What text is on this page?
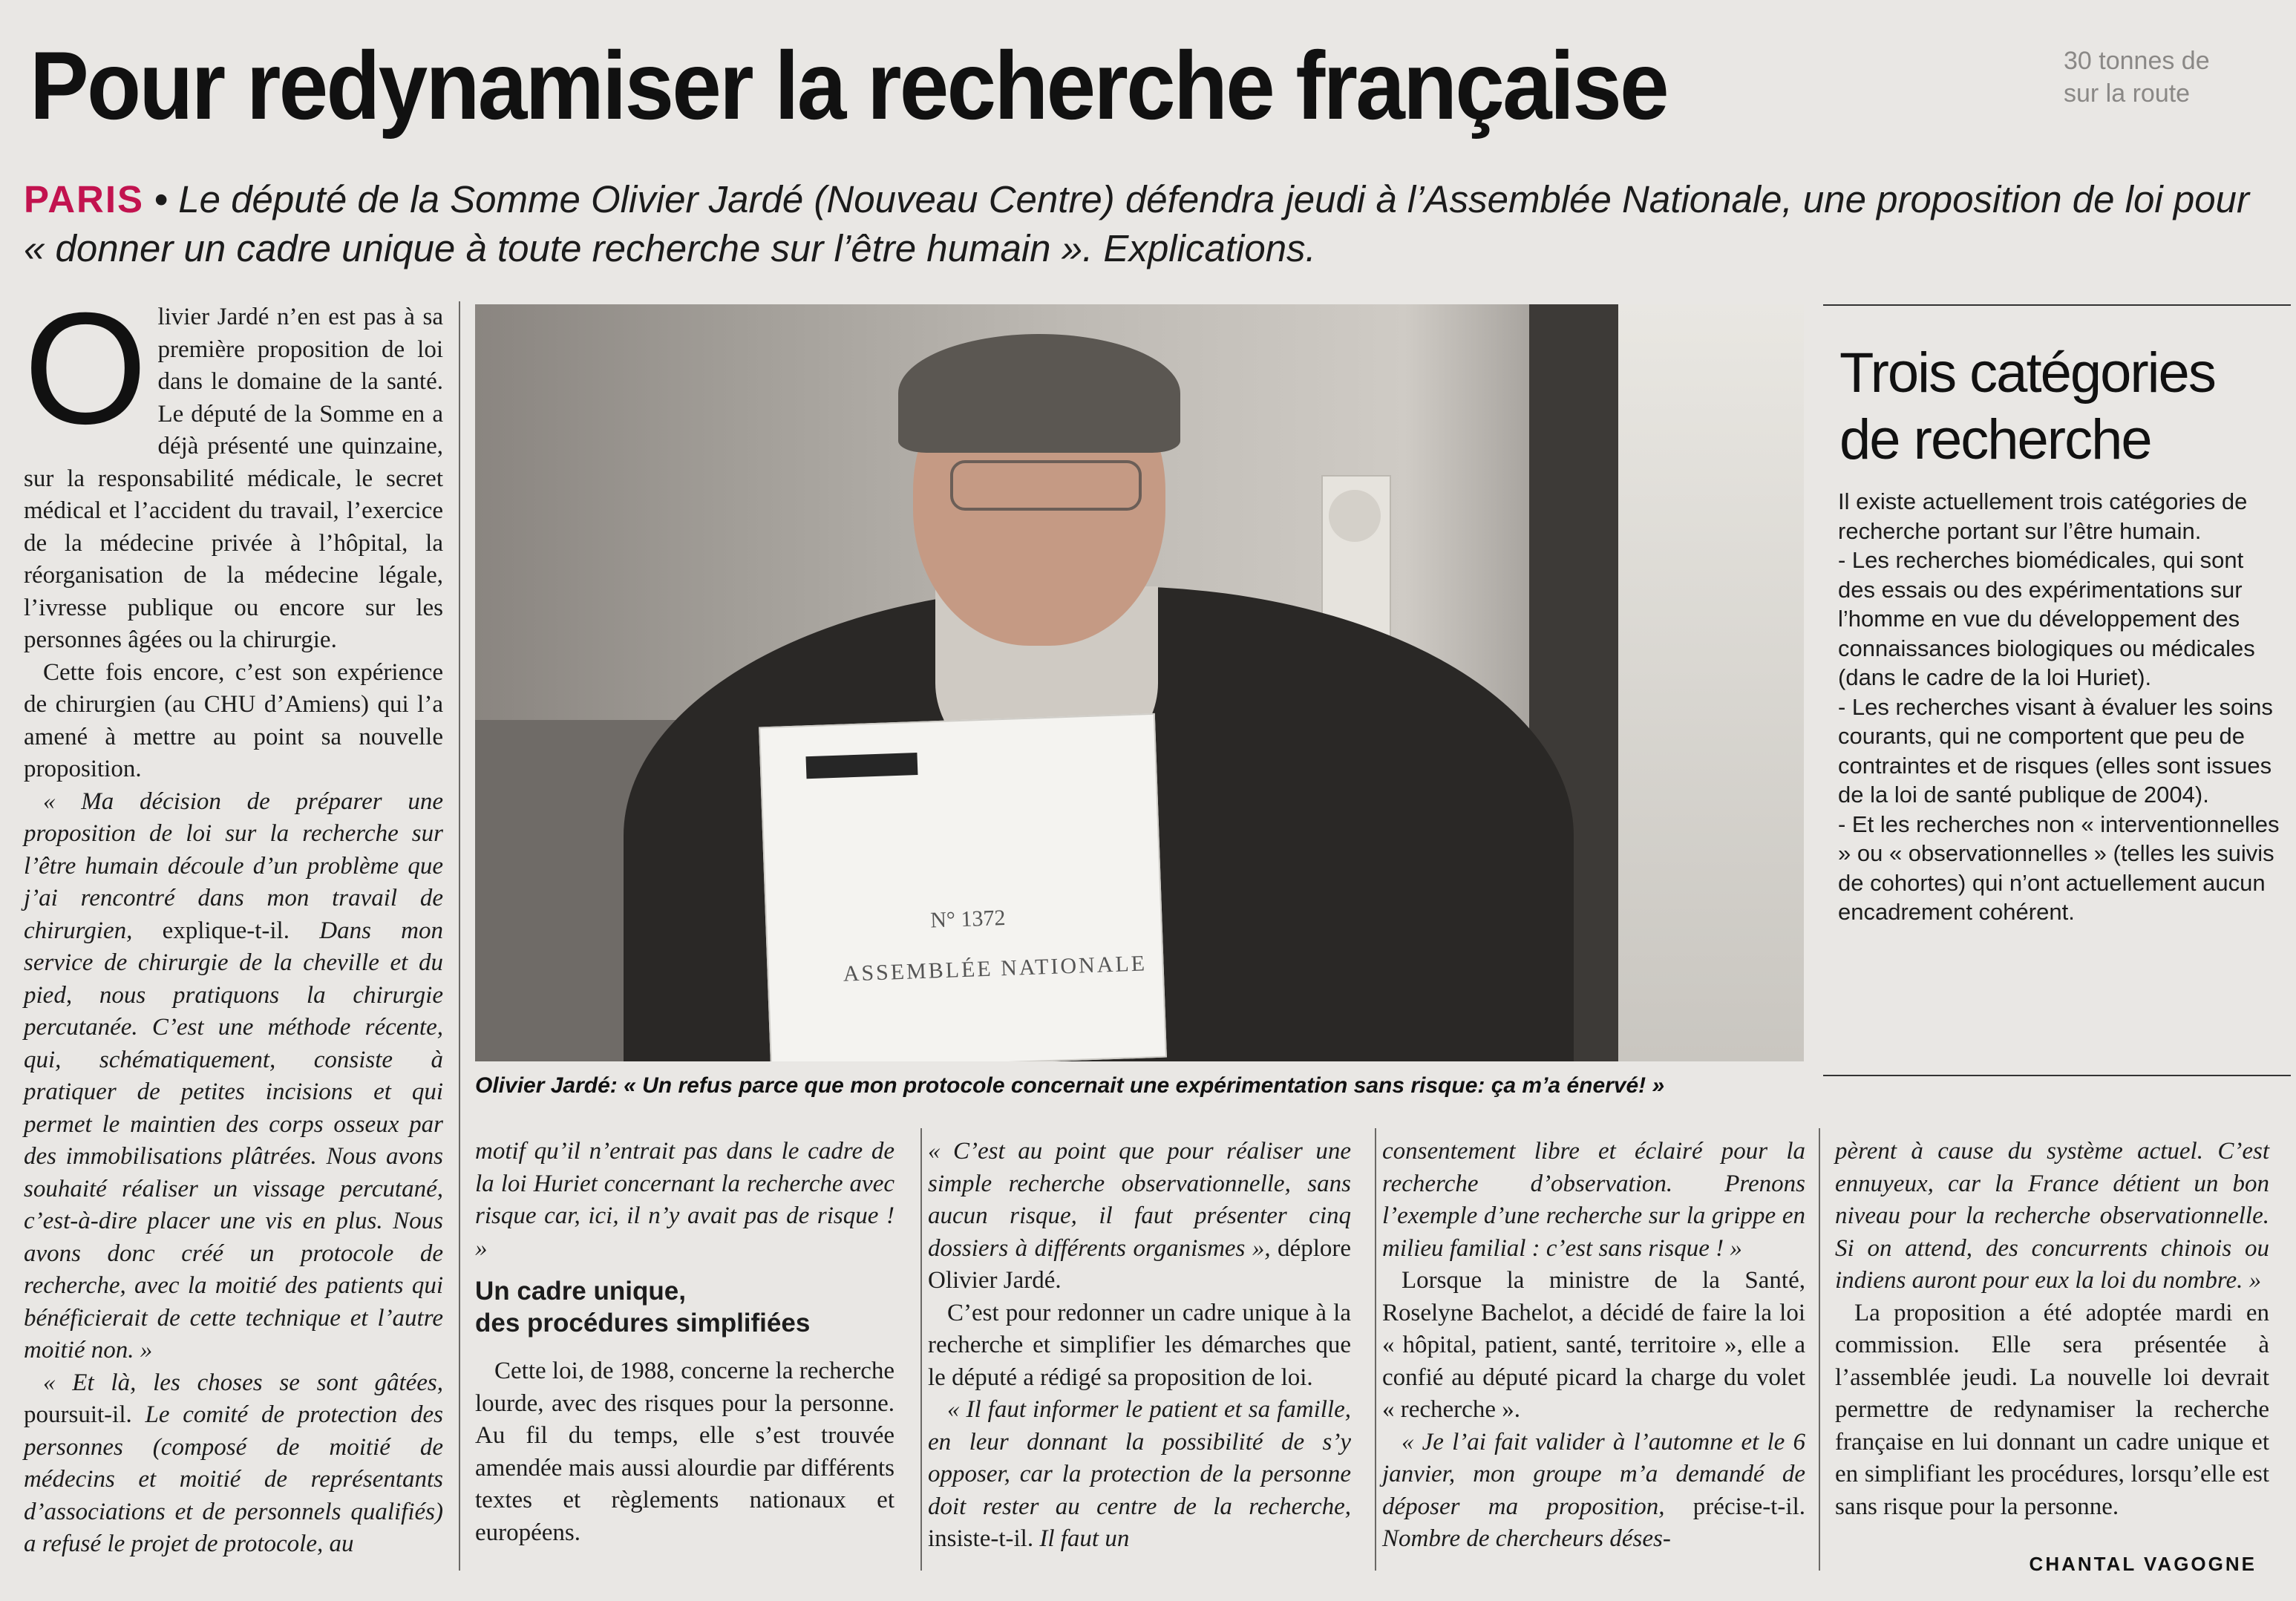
Pour redynamiser la recherche française	30 tonnes de
sur la route

PARIS • Le député de la Somme Olivier Jardé (Nouveau Centre) défendra jeudi à l’Assemblée Nationale, une proposition de loi pour « donner un cadre unique à toute recherche sur l’être humain ». Explications.

Olivier Jardé n’en est pas à sa première proposition de loi dans le domaine de la santé. Le député de la Somme en a déjà présenté une quinzaine, sur la responsabilité médicale, le secret médical et l’accident du travail, l’exercice de la médecine privée à l’hôpital, la réorganisation de la médecine légale, l’ivresse publique ou encore sur les personnes âgées ou la chirurgie.

Cette fois encore, c’est son expérience de chirurgien (au CHU d’Amiens) qui l’a amené à mettre au point sa nouvelle proposition.

« Ma décision de préparer une proposition de loi sur la recherche sur l’être humain découle d’un problème que j’ai rencontré dans mon travail de chirurgien, explique-t-il. Dans mon service de chirurgie de la cheville et du pied, nous pratiquons la chirurgie percutanée. C’est une méthode récente, qui, schématiquement, consiste à pratiquer de petites incisions et qui permet le maintien des corps osseux par des immobilisations plâtrées. Nous avons souhaité réaliser un vissage percutané, c’est-à-dire placer une vis en plus. Nous avons donc créé un protocole de recherche, avec la moitié des patients qui bénéficierait de cette technique et l’autre moitié non. »

« Et là, les choses se sont gâtées, poursuit-il. Le comité de protection des personnes (composé de moitié de médecins et moitié de représentants d’associations et de personnels qualifiés) a refusé le projet de protocole, au

N° 1372
ASSEMBLÉE NATIONALE

Olivier Jardé: « Un refus parce que mon protocole concernait une expérimentation sans risque: ça m’a énervé! »

motif qu’il n’entrait pas dans le cadre de la loi Huriet concernant la recherche avec risque car, ici, il n’y avait pas de risque ! »

Un cadre unique,
des procédures simplifiées

Cette loi, de 1988, concerne la recherche lourde, avec des risques pour la personne. Au fil du temps, elle s’est trouvée amendée mais aussi alourdie par différents textes et règlements nationaux et européens.

« C’est au point que pour réaliser une simple recherche observationnelle, sans aucun risque, il faut présenter cinq dossiers à différents organismes », déplore Olivier Jardé.

C’est pour redonner un cadre unique à la recherche et simplifier les démarches que le député a rédigé sa proposition de loi.

« Il faut informer le patient et sa famille, en leur donnant la possibilité de s’y opposer, car la protection de la personne doit rester au centre de la recherche, insiste-t-il. Il faut un

consentement libre et éclairé pour la recherche d’observation. Prenons l’exemple d’une recherche sur la grippe en milieu familial : c’est sans risque ! »

Lorsque la ministre de la Santé, Roselyne Bachelot, a décidé de faire la loi « hôpital, patient, santé, territoire », elle a confié au député picard la charge du volet « recherche ».

« Je l’ai fait valider à l’automne et le 6 janvier, mon groupe m’a demandé de déposer ma proposition, précise-t-il. Nombre de chercheurs déses-

pèrent à cause du système actuel. C’est ennuyeux, car la France détient un bon niveau pour la recherche observationnelle. Si on attend, des concurrents chinois ou indiens auront pour eux la loi du nombre. »

La proposition a été adoptée mardi en commission. Elle sera présentée à l’assemblée jeudi. La nouvelle loi devrait permettre de redynamiser la recherche française en lui donnant un cadre unique et en simplifiant les procédures, lorsqu’elle est sans risque pour la personne.

CHANTAL VAGOGNE
Trois catégories
de recherche
Il existe actuellement trois catégories de recherche portant sur l’être humain.
- Les recherches biomédicales, qui sont des essais ou des expérimentations sur l’homme en vue du développement des connaissances biologiques ou médicales (dans le cadre de la loi Huriet).
- Les recherches visant à évaluer les soins courants, qui ne comportent que peu de contraintes et de risques (elles sont issues de la loi de santé publique de 2004).
- Et les recherches non « interventionnelles » ou « observationnelles » (telles les suivis de cohortes) qui n’ont actuellement aucun encadrement cohérent.
